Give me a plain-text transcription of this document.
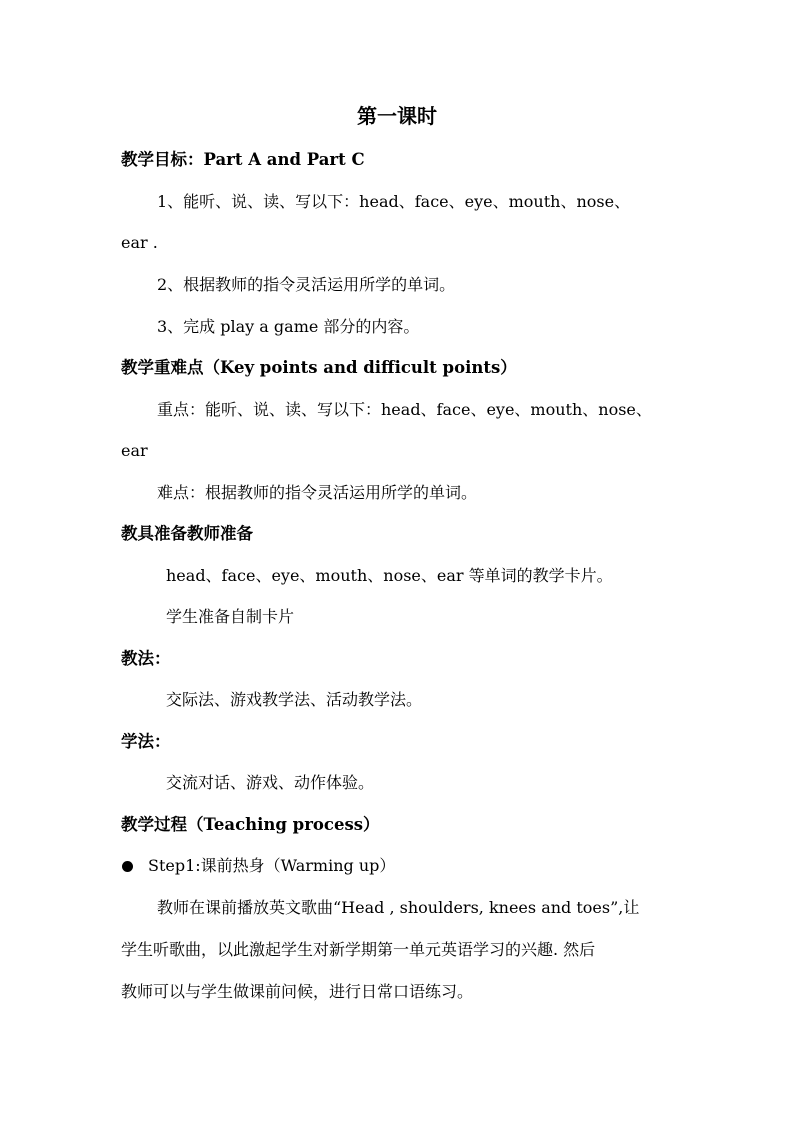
第一课时
教学目标：Part A and Part C
1、能听、说、读、写以下：head、face、eye、mouth、nose、
ear .
2、根据教师的指令灵活运用所学的单词。
3、完成 play a game 部分的内容。
教学重难点（Key points and difficult points）
重点：能听、说、读、写以下：head、face、eye、mouth、nose、
ear
难点：根据教师的指令灵活运用所学的单词。
教具准备教师准备
head、face、eye、mouth、nose、ear 等单词的教学卡片。
学生准备自制卡片
教法：
交际法、游戏教学法、活动教学法。
学法：
交流对话、游戏、动作体验。
教学过程（Teaching process）
Step1:课前热身（Warming up）
教师在课前播放英文歌曲“Head , shoulders, knees and toes”,让
学生听歌曲，以此激起学生对新学期第一单元英语学习的兴趣. 然后
教师可以与学生做课前问候，进行日常口语练习。
